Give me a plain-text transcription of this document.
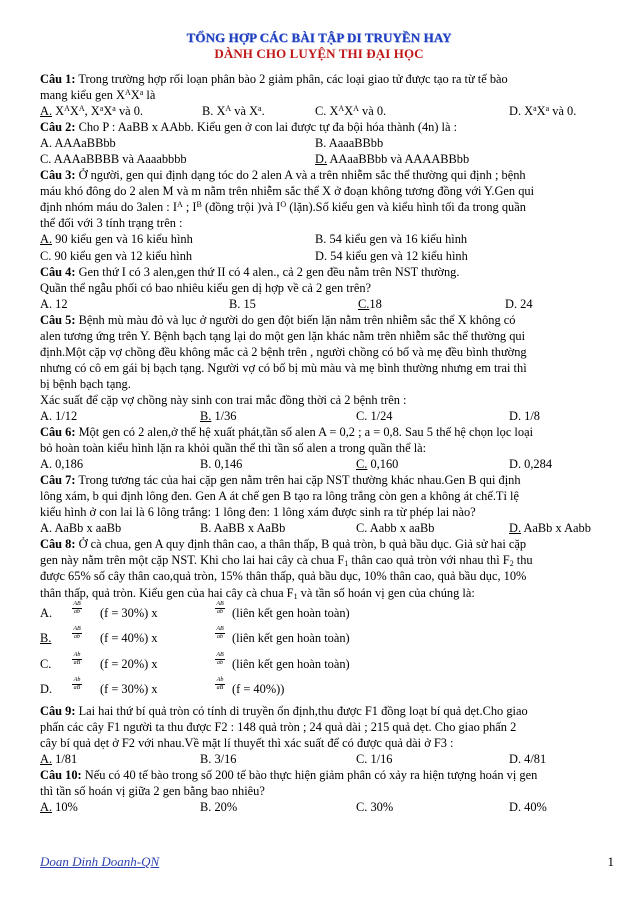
TỔNG HỢP CÁC BÀI TẬP DI TRUYỀN HAY
DÀNH CHO LUYỆN THI ĐẠI HỌC

Câu 1: Trong trường hợp rối loạn phân bào 2 giảm phân, các loại giao tử được tạo ra từ tế bào

mang kiểu gen $X^AX^a$ là

A. $X^AX^A$, $X^aX^a$ và 0.	B. $X^A$ và $X^a$.	C. $X^AX^A$ và 0.	D. $X^aX^a$ và 0.

Câu 2: Cho P : AaBB x AAbb. Kiểu gen ở con lai được tự đa bội hóa thành (4n) là :

A. AAAaBBbb	B. AaaaBBbb
C. AAAaBBBB và Aaaabbbb	D. AAaaBBbb và AAAABBbb

Câu 3: Ở người, gen qui định dạng tóc do 2 alen A và a trên nhiễm sắc thể thường qui định ; bệnh

máu khó đông do 2 alen M và m nằm trên nhiễm sắc thể X ở đoạn không tương đồng với Y.Gen qui

định nhóm máu do 3alen : $I^A$ ; $I^B$ (đồng trội )và $I^O$ (lặn).Số kiểu gen và kiểu hình tối đa trong quần

thể đối với 3 tính trạng trên :

A. 90 kiểu gen và 16 kiểu hình	B. 54 kiểu gen và 16 kiểu hình
C. 90 kiểu gen và 12 kiểu hình	D. 54 kiểu gen và 12 kiểu hình

Câu 4: Gen thứ I có 3 alen,gen thứ II có 4 alen., cả 2 gen đều nằm trên NST thường.

Quần thể ngẫu phối có bao nhiêu kiểu gen dị hợp về cả 2 gen trên?

A. 12	B. 15	C.18	D. 24

Câu 5: Bệnh mù màu đỏ và lục ở người do gen đột biến lặn nằm trên nhiễm sắc thể X không có

alen tương ứng trên Y. Bệnh bạch tạng lại do một gen lặn khác nằm trên nhiễm sắc thể thường qui

định.Một cặp vợ chồng đều không mắc cả 2 bệnh trên , người chồng có bố và mẹ đều bình thường

nhưng có cô em gái bị bạch tạng. Người vợ có bố bị mù màu và mẹ bình thường nhưng em trai thì

bị bệnh bạch tạng.

Xác suất để cặp vợ chồng này sinh con trai mắc đồng thời cả 2 bệnh trên :

A. 1/12	B. 1/36	C. 1/24	D. 1/8

Câu 6: Một gen có 2 alen,ở thế hệ xuất phát,tần số alen A = 0,2 ; a = 0,8. Sau 5 thế hệ chọn lọc loại

bỏ hoàn toàn kiểu hình lặn ra khỏi quần thể thì tần số alen a trong quần thể là:

A. 0,186	B. 0,146	C. 0,160	D. 0,284

Câu 7: Trong tương tác của hai cặp gen nằm trên hai cặp NST thường khác nhau.Gen B qui định

lông xám, b qui định lông đen. Gen A át chế gen B tạo ra lông trắng còn gen a không át chế.Tỉ lệ

kiểu hình ở con lai là 6 lông trắng: 1 lông đen: 1 lông xám được sinh ra từ phép lai nào?

A. AaBb x aaBb	B. AaBB x AaBb	C. Aabb x aaBb	D. AaBb x Aabb

Câu 8: Ở cà chua, gen A quy định thân cao, a thân thấp, B quả tròn, b quả bầu dục. Giả sử hai cặp

gen này nằm trên một cặp NST. Khi cho lai hai cây cà chua $F_1$ thân cao quả tròn với nhau thì $F_2$ thu

được 65% số cây thân cao,quả tròn, 15% thân thấp, quả bầu dục, 10% thân cao, quả bầu dục, 10%

thân thấp, quả tròn. Kiểu gen của hai cây cà chua $F_1$ và tần số hoán vị gen của chúng là:

A.	$\frac{AB}{ab} (f = 30\%)$ x	$\frac{AB}{ab}$ (liên kết gen hoàn toàn)
B.	$\frac{AB}{ab} (f = 40\%)$ x	$\frac{AB}{ab}$ (liên kết gen hoàn toàn)
C.	$\frac{Ab}{aB} (f = 20\%)$ x	$\frac{AB}{ab}$ (liên kết gen hoàn toàn)
D.	$\frac{Ab}{aB} (f = 30\%)$ x	$\frac{Ab}{aB} (f = 40\%)$)

Câu 9: Lai hai thứ bí quả tròn có tính di truyền ổn định,thu được F1 đồng loạt bí quả dẹt.Cho giao

phấn các cây F1 người ta thu được F2 : 148 quả tròn ; 24 quả dài ; 215 quả dẹt. Cho giao phấn 2

cây bí quả dẹt ở F2 với nhau.Về mặt lí thuyết thì xác suất để có được quả dài ở F3 :

A. 1/81	B. 3/16	C. 1/16	D. 4/81

Câu 10: Nếu có 40 tế bào trong số 200 tế bào thực hiện giảm phân có xảy ra hiện tượng hoán vị gen

thì tần số hoán vị giữa 2 gen bằng bao nhiêu?

A. 10%	B. 20%	C. 30%	D. 40%
Doan Dinh Doanh-QN	1
